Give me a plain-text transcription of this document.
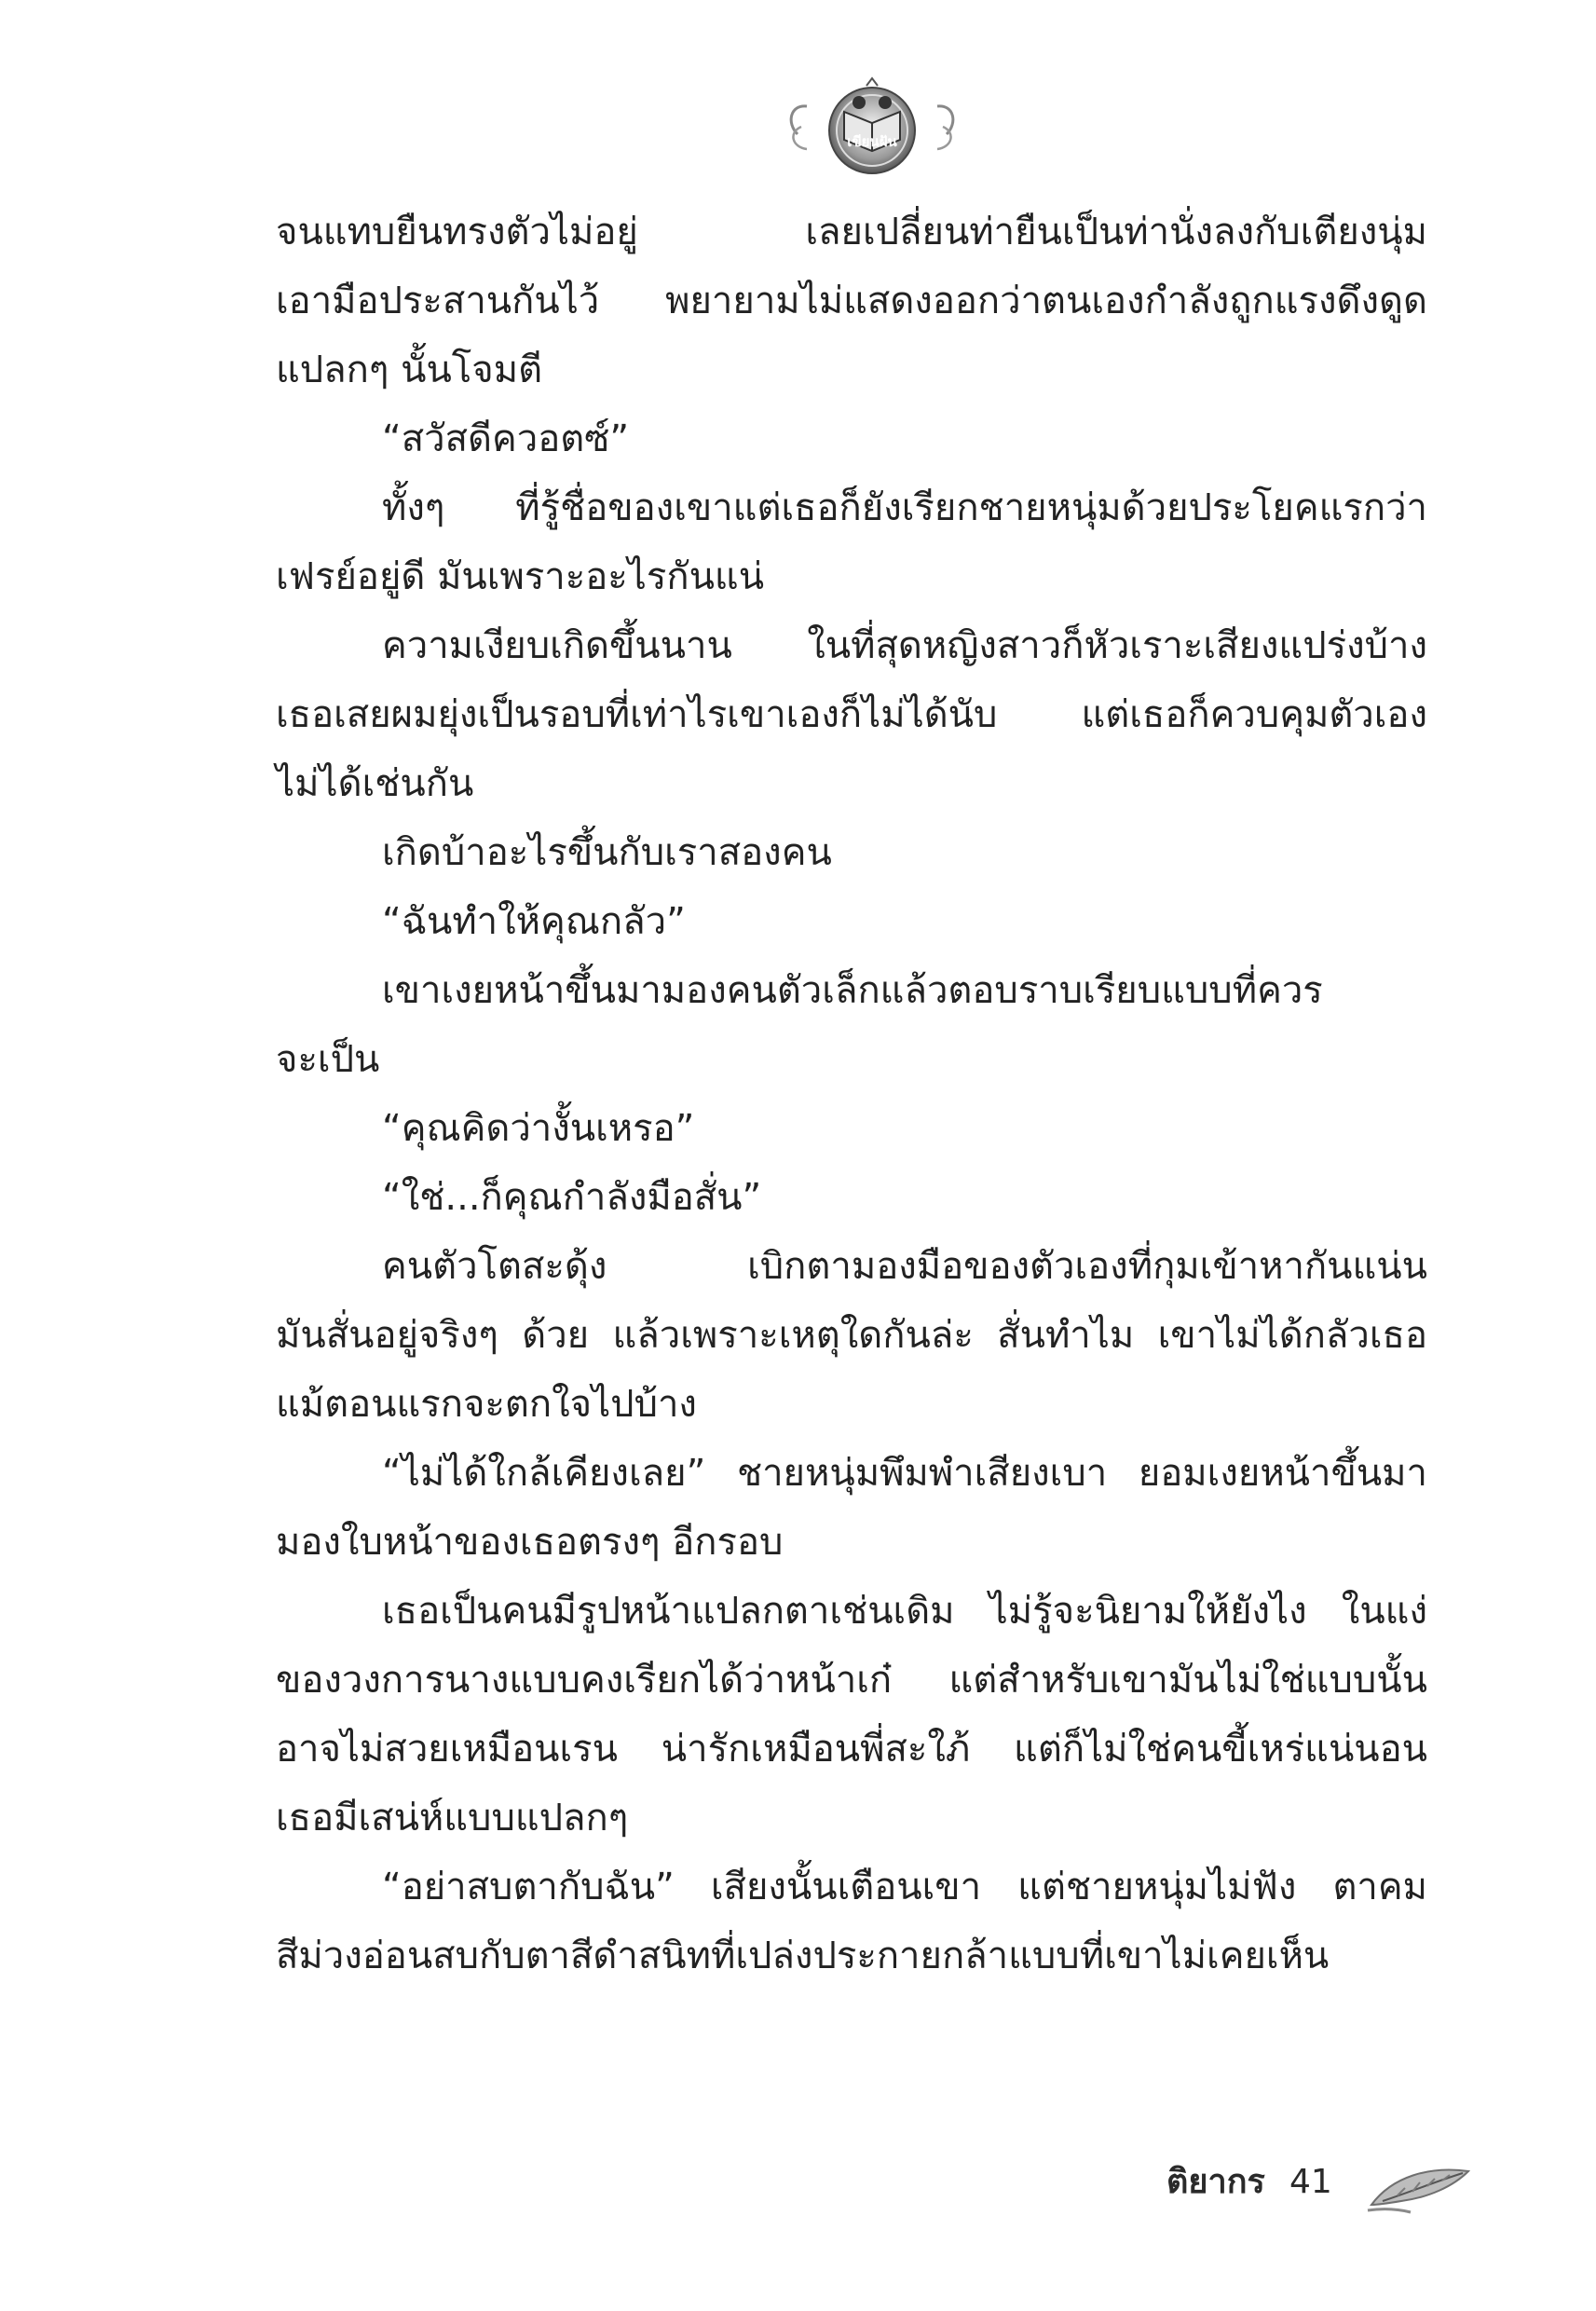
เขียนฝัน
จนแทบยืนทรงตัวไม่อยู่ เลยเปลี่ยนท่ายืนเป็นท่านั่งลงกับเตียงนุ่ม
เอามือประสานกันไว้ พยายามไม่แสดงออกว่าตนเองกำลังถูกแรงดึงดูด
แปลกๆ นั้นโจมตี
“สวัสดีควอตซ์”
ทั้งๆ ที่รู้ชื่อของเขาแต่เธอก็ยังเรียกชายหนุ่มด้วยประโยคแรกว่า
เฟรย์อยู่ดี มันเพราะอะไรกันแน่
ความเงียบเกิดขึ้นนาน ในที่สุดหญิงสาวก็หัวเราะเสียงแปร่งบ้าง
เธอเสยผมยุ่งเป็นรอบที่เท่าไรเขาเองก็ไม่ได้นับ แต่เธอก็ควบคุมตัวเอง
ไม่ได้เช่นกัน
เกิดบ้าอะไรขึ้นกับเราสองคน
“ฉันทำให้คุณกลัว”
เขาเงยหน้าขึ้นมามองคนตัวเล็กแล้วตอบราบเรียบแบบที่ควร
จะเป็น
“คุณคิดว่างั้นเหรอ”
“ใช่...ก็คุณกำลังมือสั่น”
คนตัวโตสะดุ้ง เบิกตามองมือของตัวเองที่กุมเข้าหากันแน่น
มันสั่นอยู่จริงๆ ด้วย แล้วเพราะเหตุใดกันล่ะ สั่นทำไม เขาไม่ได้กลัวเธอ
แม้ตอนแรกจะตกใจไปบ้าง
“ไม่ได้ใกล้เคียงเลย” ชายหนุ่มพึมพำเสียงเบา ยอมเงยหน้าขึ้นมา
มองใบหน้าของเธอตรงๆ อีกรอบ
เธอเป็นคนมีรูปหน้าแปลกตาเช่นเดิม ไม่รู้จะนิยามให้ยังไง ในแง่
ของวงการนางแบบคงเรียกได้ว่าหน้าเก๋ แต่สำหรับเขามันไม่ใช่แบบนั้น
อาจไม่สวยเหมือนเรน น่ารักเหมือนพี่สะใภ้ แต่ก็ไม่ใช่คนขี้เหร่แน่นอน
เธอมีเสน่ห์แบบแปลกๆ
“อย่าสบตากับฉัน” เสียงนั้นเตือนเขา แต่ชายหนุ่มไม่ฟัง ตาคม
สีม่วงอ่อนสบกับตาสีดำสนิทที่เปล่งประกายกล้าแบบที่เขาไม่เคยเห็น
ติยากร 41
